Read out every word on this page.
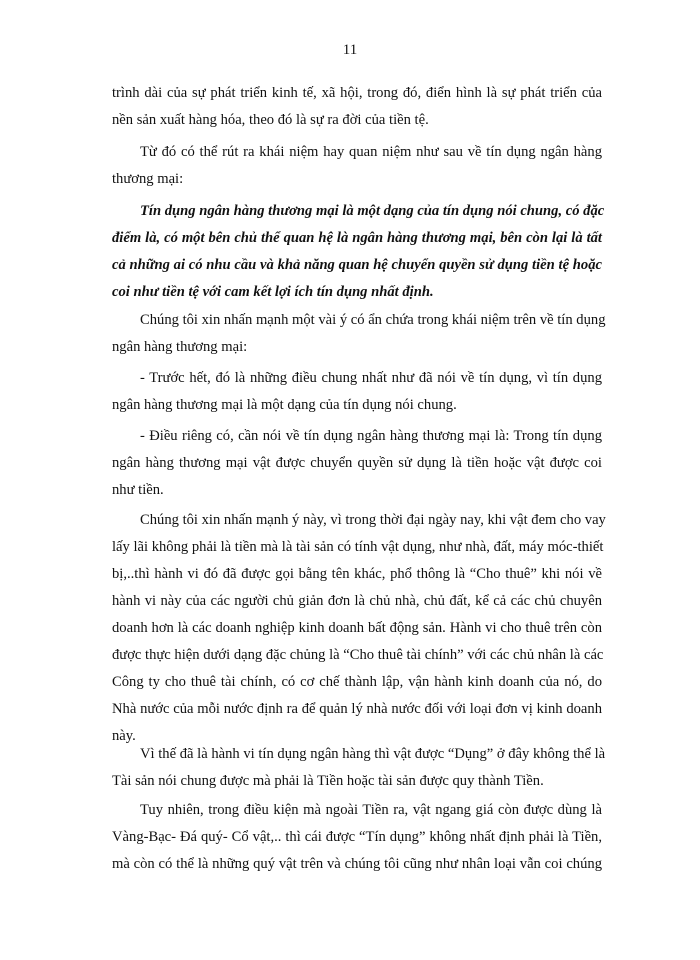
11
trình dài của sự phát triển kinh tế, xã hội, trong đó, điển hình là sự phát triển của
nền sản xuất hàng hóa, theo đó là sự ra đời của tiền tệ.
Từ đó có thể rút ra khái niệm hay quan niệm như sau về tín dụng ngân hàng
thương mại:
Tín dụng ngân hàng thương mại là một dạng của tín dụng nói chung, có đặc
điểm là, có một bên chủ thể quan hệ là ngân hàng thương mại, bên còn lại là tất
cả những ai có nhu cầu và khả năng quan hệ chuyển quyền sử dụng tiền tệ hoặc
coi như tiền tệ với cam kết lợi ích tín dụng nhất định.
Chúng tôi xin nhấn mạnh một vài ý có ẩn chứa trong khái niệm trên về tín dụng
ngân hàng thương mại:
- Trước hết, đó là những điều chung nhất như đã nói về tín dụng, vì tín dụng
ngân hàng thương mại là một dạng của tín dụng nói chung.
- Điều riêng có, cần nói về tín dụng ngân hàng thương mại là: Trong tín dụng
ngân hàng thương mại vật được chuyển quyền sử dụng là tiền hoặc vật được coi
như tiền.
Chúng tôi xin nhấn mạnh ý này, vì trong thời đại ngày nay, khi vật đem cho vay
lấy lãi không phải là tiền mà là tài sản có tính vật dụng, như nhà, đất, máy móc-thiết
bị,..thì hành vi đó đã được gọi bằng tên khác, phổ thông là “Cho thuê” khi nói về
hành vi này của các người chủ giản đơn là chủ nhà, chủ đất, kể cả các chủ chuyên
doanh hơn là các doanh nghiệp kinh doanh bất động sản. Hành vi cho thuê trên còn
được thực hiện dưới dạng đặc chủng là “Cho thuê tài chính” với các chủ nhân là các
Công ty cho thuê tài chính, có cơ chế thành lập, vận hành kinh doanh của nó, do
Nhà nước của mỗi nước định ra để quản lý nhà nước đối với loại đơn vị kinh doanh
này.
Vì thế đã là hành vi tín dụng ngân hàng thì vật được “Dụng” ở đây không thể là
Tài sản nói chung được mà phải là Tiền hoặc tài sản được quy thành Tiền.
Tuy nhiên, trong điều kiện mà ngoài Tiền ra, vật ngang giá còn được dùng là
Vàng-Bạc- Đá quý- Cổ vật,.. thì cái được “Tín dụng” không nhất định phải là Tiền,
mà còn có thể là những quý vật trên và chúng tôi cũng như nhân loại vẫn coi chúng
